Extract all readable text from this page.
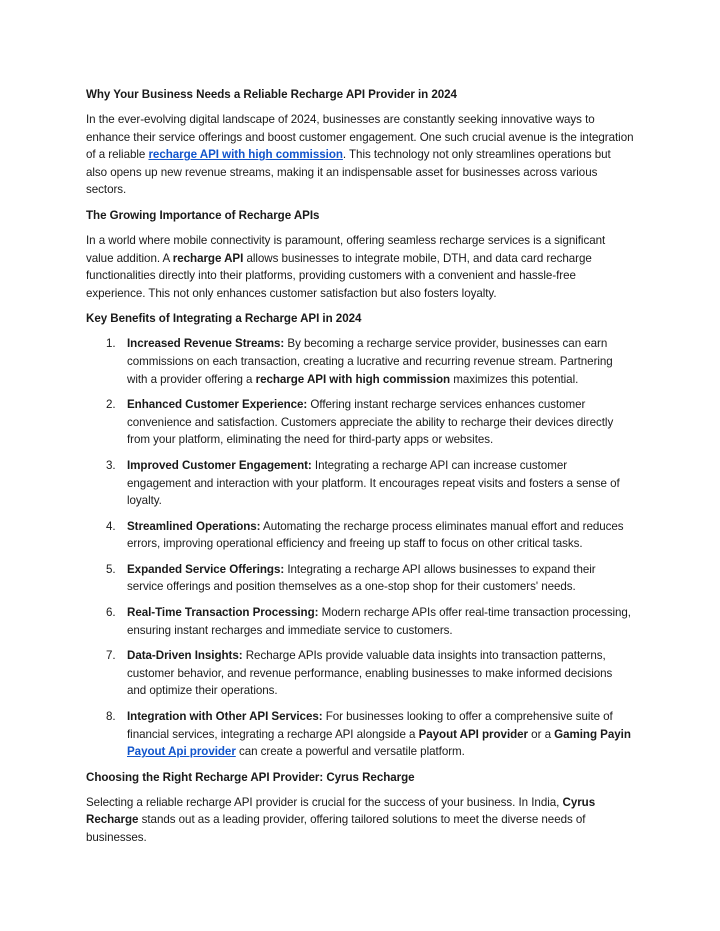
Why Your Business Needs a Reliable Recharge API Provider in 2024

In the ever-evolving digital landscape of 2024, businesses are constantly seeking innovative ways to enhance their service offerings and boost customer engagement. One such crucial avenue is the integration of a reliable recharge API with high commission. This technology not only streamlines operations but also opens up new revenue streams, making it an indispensable asset for businesses across various sectors.

The Growing Importance of Recharge APIs

In a world where mobile connectivity is paramount, offering seamless recharge services is a significant value addition. A recharge API allows businesses to integrate mobile, DTH, and data card recharge functionalities directly into their platforms, providing customers with a convenient and hassle-free experience. This not only enhances customer satisfaction but also fosters loyalty.

Key Benefits of Integrating a Recharge API in 2024
1. Increased Revenue Streams: By becoming a recharge service provider, businesses can earn commissions on each transaction, creating a lucrative and recurring revenue stream. Partnering with a provider offering a recharge API with high commission maximizes this potential.
2. Enhanced Customer Experience: Offering instant recharge services enhances customer convenience and satisfaction. Customers appreciate the ability to recharge their devices directly from your platform, eliminating the need for third-party apps or websites.
3. Improved Customer Engagement: Integrating a recharge API can increase customer engagement and interaction with your platform. It encourages repeat visits and fosters a sense of loyalty.
4. Streamlined Operations: Automating the recharge process eliminates manual effort and reduces errors, improving operational efficiency and freeing up staff to focus on other critical tasks.
5. Expanded Service Offerings: Integrating a recharge API allows businesses to expand their service offerings and position themselves as a one-stop shop for their customers' needs.
6. Real-Time Transaction Processing: Modern recharge APIs offer real-time transaction processing, ensuring instant recharges and immediate service to customers.
7. Data-Driven Insights: Recharge APIs provide valuable data insights into transaction patterns, customer behavior, and revenue performance, enabling businesses to make informed decisions and optimize their operations.
8. Integration with Other API Services: For businesses looking to offer a comprehensive suite of financial services, integrating a recharge API alongside a Payout API provider or a Gaming Payin Payout Api provider can create a powerful and versatile platform.
Choosing the Right Recharge API Provider: Cyrus Recharge

Selecting a reliable recharge API provider is crucial for the success of your business. In India, Cyrus Recharge stands out as a leading provider, offering tailored solutions to meet the diverse needs of businesses.
